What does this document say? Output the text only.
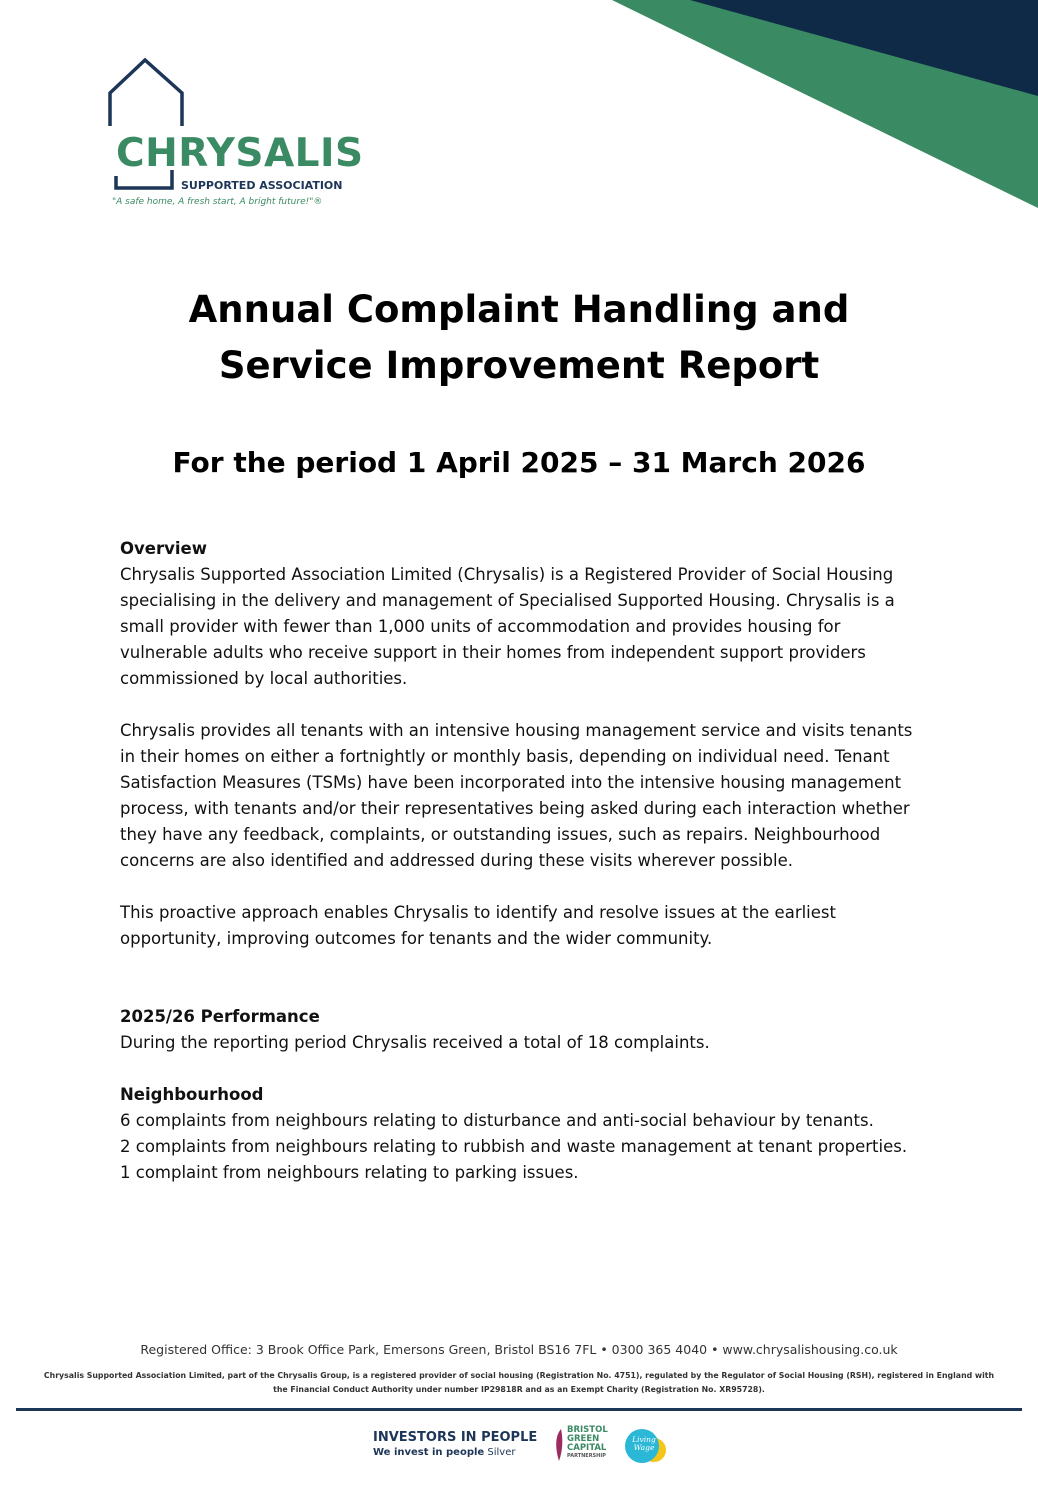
CHRYSALIS
SUPPORTED ASSOCIATION
"A safe home, A fresh start, A bright future!"®
Annual Complaint Handling and
Service Improvement Report
For the period 1 April 2025 – 31 March 2026
Overview

Chrysalis Supported Association Limited (Chrysalis) is a Registered Provider of Social Housing specialising in the delivery and management of Specialised Supported Housing. Chrysalis is a small provider with fewer than 1,000 units of accommodation and provides housing for vulnerable adults who receive support in their homes from independent support providers commissioned by local authorities.

Chrysalis provides all tenants with an intensive housing management service and visits tenants in their homes on either a fortnightly or monthly basis, depending on individual need. Tenant Satisfaction Measures (TSMs) have been incorporated into the intensive housing management process, with tenants and/or their representatives being asked during each interaction whether they have any feedback, complaints, or outstanding issues, such as repairs. Neighbourhood concerns are also identified and addressed during these visits wherever possible.

This proactive approach enables Chrysalis to identify and resolve issues at the earliest opportunity, improving outcomes for tenants and the wider community.

2025/26 Performance

During the reporting period Chrysalis received a total of 18 complaints.

Neighbourhood

6 complaints from neighbours relating to disturbance and anti-social behaviour by tenants.

2 complaints from neighbours relating to rubbish and waste management at tenant properties.

1 complaint from neighbours relating to parking issues.

Registered Office: 3 Brook Office Park, Emersons Green, Bristol BS16 7FL • 0300 365 4040 • www.chrysalishousing.co.uk
Chrysalis Supported Association Limited, part of the Chrysalis Group, is a registered provider of social housing (Registration No. 4751), regulated by the Regulator of Social Housing (RSH), registered in England with the Financial Conduct Authority under number IP29818R and as an Exempt Charity (Registration No. XR95728).
INVESTORS IN PEOPLE
We invest in people Silver
BRISTOL
GREEN
CAPITAL
PARTNERSHIP
Living
Wage
